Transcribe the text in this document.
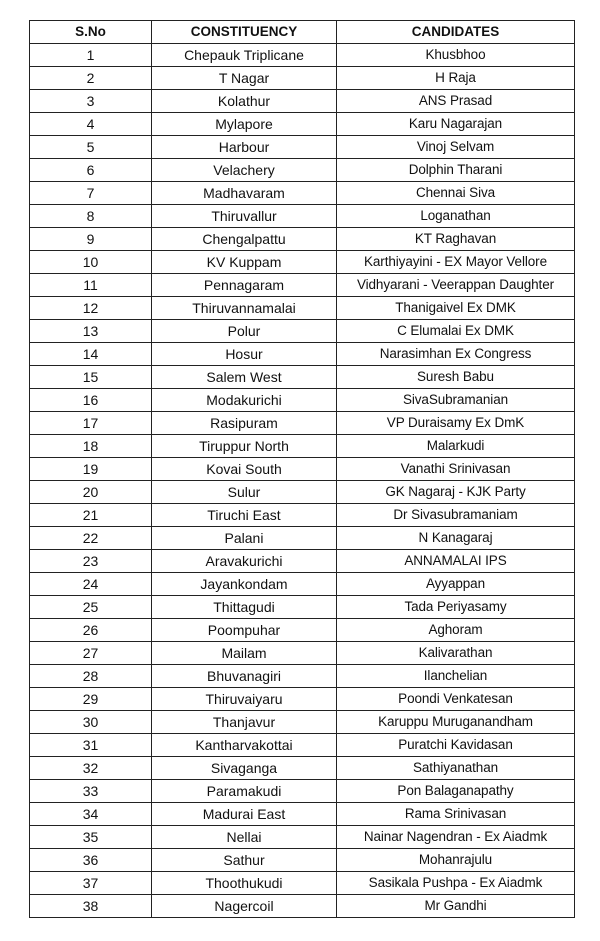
S.No	CONSTITUENCY	CANDIDATES
1	Chepauk Triplicane	Khusbhoo
2	T Nagar	H Raja
3	Kolathur	ANS Prasad
4	Mylapore	Karu Nagarajan
5	Harbour	Vinoj Selvam
6	Velachery	Dolphin Tharani
7	Madhavaram	Chennai Siva
8	Thiruvallur	Loganathan
9	Chengalpattu	KT Raghavan
10	KV Kuppam	Karthiyayini - EX Mayor Vellore
11	Pennagaram	Vidhyarani - Veerappan Daughter
12	Thiruvannamalai	Thanigaivel Ex DMK
13	Polur	C Elumalai Ex DMK
14	Hosur	Narasimhan Ex Congress
15	Salem West	Suresh Babu
16	Modakurichi	SivaSubramanian
17	Rasipuram	VP Duraisamy Ex DmK
18	Tiruppur North	Malarkudi
19	Kovai South	Vanathi Srinivasan
20	Sulur	GK Nagaraj - KJK Party
21	Tiruchi East	Dr Sivasubramaniam
22	Palani	N Kanagaraj
23	Aravakurichi	ANNAMALAI IPS
24	Jayankondam	Ayyappan
25	Thittagudi	Tada Periyasamy
26	Poompuhar	Aghoram
27	Mailam	Kalivarathan
28	Bhuvanagiri	Ilanchelian
29	Thiruvaiyaru	Poondi Venkatesan
30	Thanjavur	Karuppu Muruganandham
31	Kantharvakottai	Puratchi Kavidasan
32	Sivaganga	Sathiyanathan
33	Paramakudi	Pon Balaganapathy
34	Madurai East	Rama Srinivasan
35	Nellai	Nainar Nagendran - Ex Aiadmk
36	Sathur	Mohanrajulu
37	Thoothukudi	Sasikala Pushpa - Ex Aiadmk
38	Nagercoil	Mr Gandhi
